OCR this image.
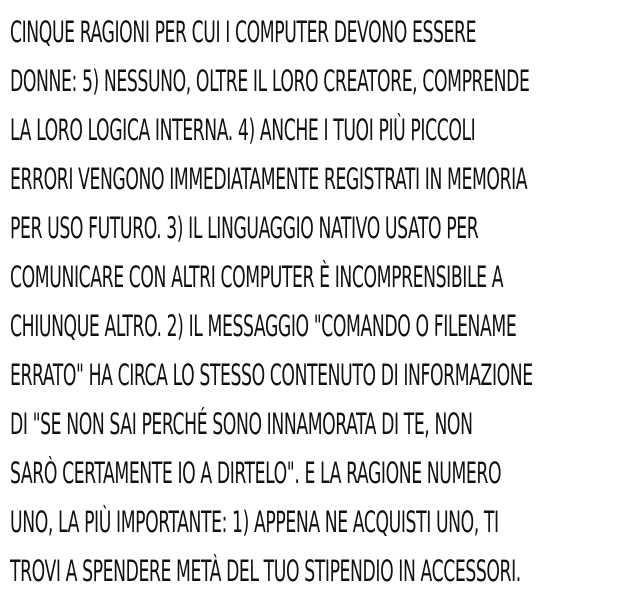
CINQUE RAGIONI PER CUI I COMPUTER DEVONO ESSERE
DONNE: 5) NESSUNO, OLTRE IL LORO CREATORE, COMPRENDE
LA LORO LOGICA INTERNA. 4) ANCHE I TUOI PIÙ PICCOLI
ERRORI VENGONO IMMEDIATAMENTE REGISTRATI IN MEMORIA
PER USO FUTURO. 3) IL LINGUAGGIO NATIVO USATO PER
COMUNICARE CON ALTRI COMPUTER È INCOMPRENSIBILE A
CHIUNQUE ALTRO. 2) IL MESSAGGIO "COMANDO O FILENAME
ERRATO" HA CIRCA LO STESSO CONTENUTO DI INFORMAZIONE
DI "SE NON SAI PERCHÉ SONO INNAMORATA DI TE, NON
SARÒ CERTAMENTE IO A DIRTELO". E LA RAGIONE NUMERO
UNO, LA PIÙ IMPORTANTE: 1) APPENA NE ACQUISTI UNO, TI
TROVI A SPENDERE METÀ DEL TUO STIPENDIO IN ACCESSORI.
